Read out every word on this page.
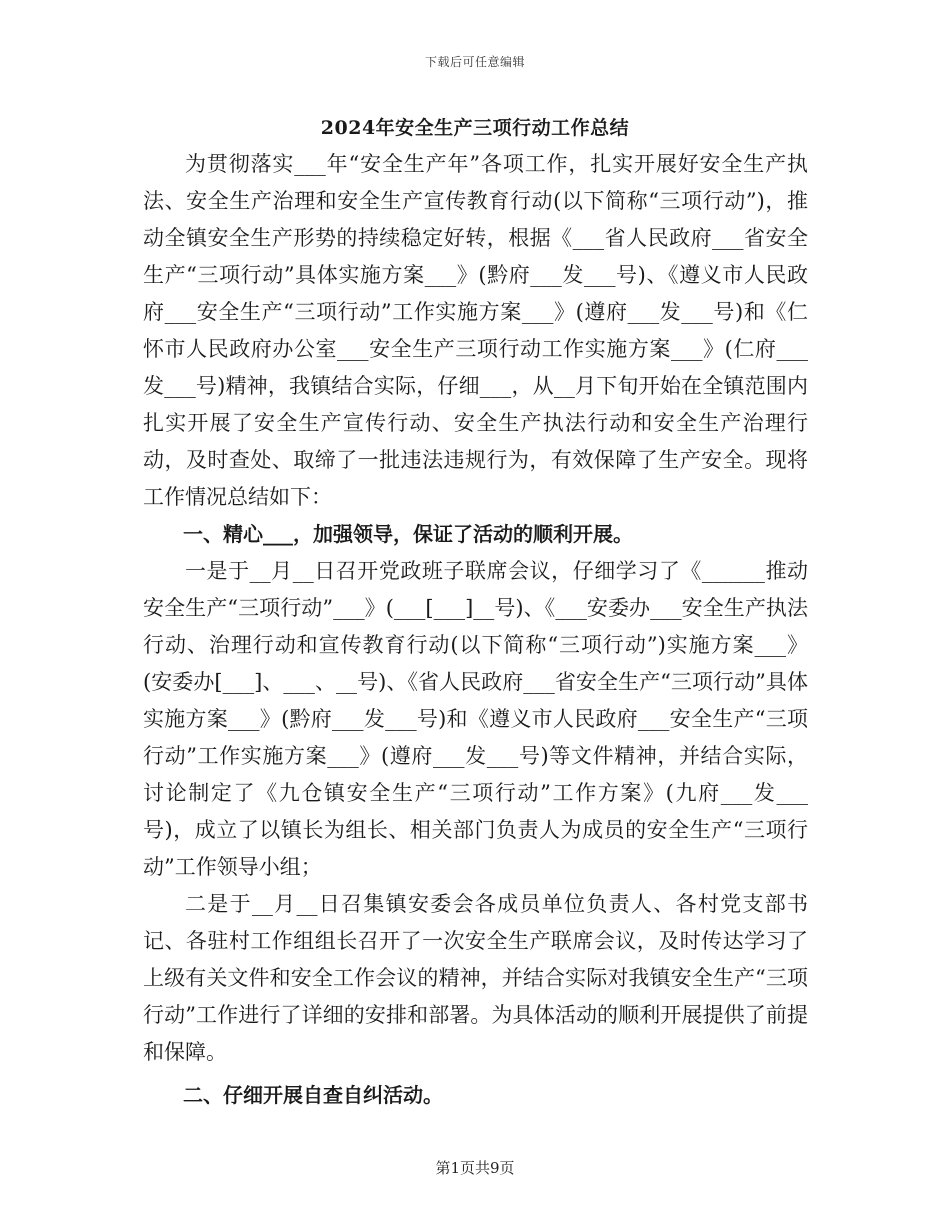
下载后可任意编辑
2024年安全生产三项行动工作总结

为贯彻落实___年“安全生产年”各项工作，扎实开展好安全生产执法、安全生产治理和安全生产宣传教育行动(以下简称“三项行动”)，推动全镇安全生产形势的持续稳定好转，根据《___省人民政府___省安全生产“三项行动”具体实施方案___》(黔府___发___号)、《遵义市人民政府___安全生产“三项行动”工作实施方案___》(遵府___发___号)和《仁怀市人民政府办公室___安全生产三项行动工作实施方案___》(仁府___发___号)精神，我镇结合实际，仔细___，从__月下旬开始在全镇范围内扎实开展了安全生产宣传行动、安全生产执法行动和安全生产治理行动，及时查处、取缔了一批违法违规行为，有效保障了生产安全。现将工作情况总结如下：

一、精心___，加强领导，保证了活动的顺利开展。

一是于__月__日召开党政班子联席会议，仔细学习了《______推动安全生产“三项行动”___》(___[___]__号)、《___安委办___安全生产执法行动、治理行动和宣传教育行动(以下简称“三项行动”)实施方案___》(安委办[___]、___、__号)、《省人民政府___省安全生产“三项行动”具体实施方案___》(黔府___发___号)和《遵义市人民政府___安全生产“三项行动”工作实施方案___》(遵府___发___号)等文件精神，并结合实际，讨论制定了《九仓镇安全生产“三项行动”工作方案》(九府___发___号)，成立了以镇长为组长、相关部门负责人为成员的安全生产“三项行动”工作领导小组；

二是于__月__日召集镇安委会各成员单位负责人、各村党支部书记、各驻村工作组组长召开了一次安全生产联席会议，及时传达学习了上级有关文件和安全工作会议的精神，并结合实际对我镇安全生产“三项行动”工作进行了详细的安排和部署。为具体活动的顺利开展提供了前提和保障。

二、仔细开展自查自纠活动。

第1页共9页
